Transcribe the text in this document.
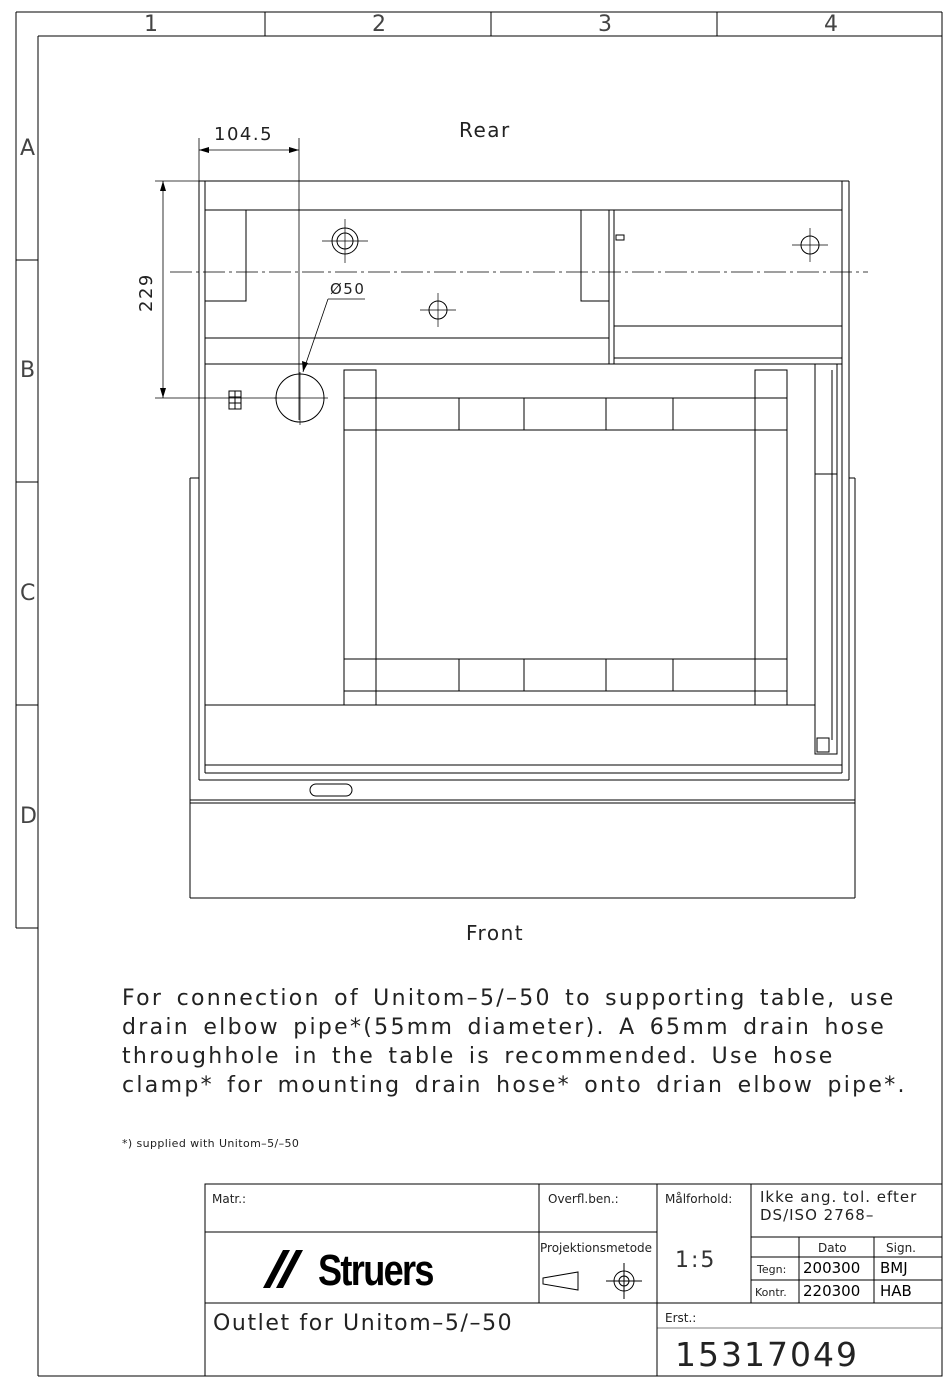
1	2	3	4
A
B
C
D
Rear
Front
104.5
229	Ø50
For connection of Unitom–5/–50 to supporting table, use
drain elbow pipe*(55mm diameter). A 65mm drain hose
throughhole in the table is recommended. Use hose
clamp* for mounting drain hose* onto drian elbow pipe*.
*) supplied with Unitom–5/–50
Matr.:	Overfl.ben.:	Målforhold: Ikke ang. tol. efter
DS/ISO 2768–
Projektionsmetode 1:5	Dato	Sign.
Tegn: 200300 BMJ
Kontr. 220300 HAB
Struers
Outlet for Unitom–5/–50	Erst.:
15317049
